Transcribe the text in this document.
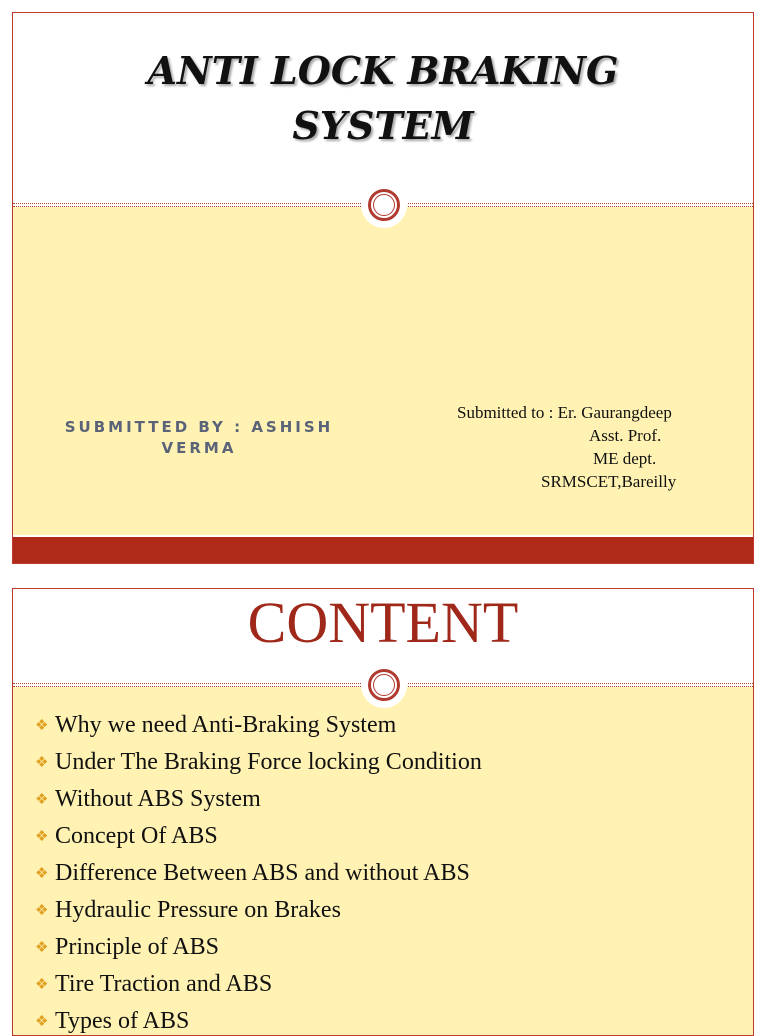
ANTI LOCK BRAKING
SYSTEM
SUBMITTED BY : ASHISH VERMA
Submitted to : Er. Gaurangdeep
Asst. Prof.
ME dept.
SRMSCET,Bareilly
CONTENT
❖ Why we need Anti-Braking System
❖ Under The Braking Force locking Condition
❖ Without ABS System
❖ Concept Of ABS
❖ Difference Between ABS and without ABS
❖ Hydraulic Pressure on Brakes
❖ Principle of ABS
❖ Tire Traction and ABS
❖ Types of ABS
